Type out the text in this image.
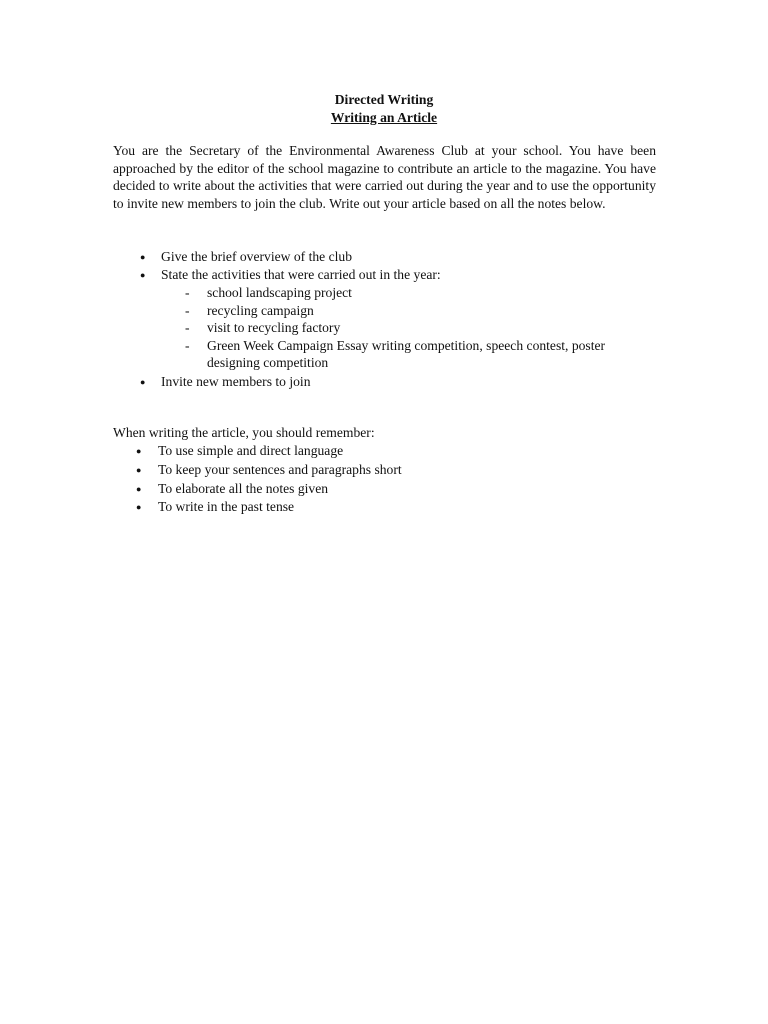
Directed Writing
Writing an Article

You are the Secretary of the Environmental Awareness Club at your school. You have been approached by the editor of the school magazine to contribute an article to the magazine. You have decided to write about the activities that were carried out during the year and to use the opportunity to invite new members to join the club. Write out your article based on all the notes below.

● Give the brief overview of the club
● State the activities that were carried out in the year:
- school landscaping project
- recycling campaign
- visit to recycling factory
- Green Week Campaign Essay writing competition, speech contest, poster designing competition
● Invite new members to join
When writing the article, you should remember:
● To use simple and direct language
● To keep your sentences and paragraphs short
● To elaborate all the notes given
● To write in the past tense
